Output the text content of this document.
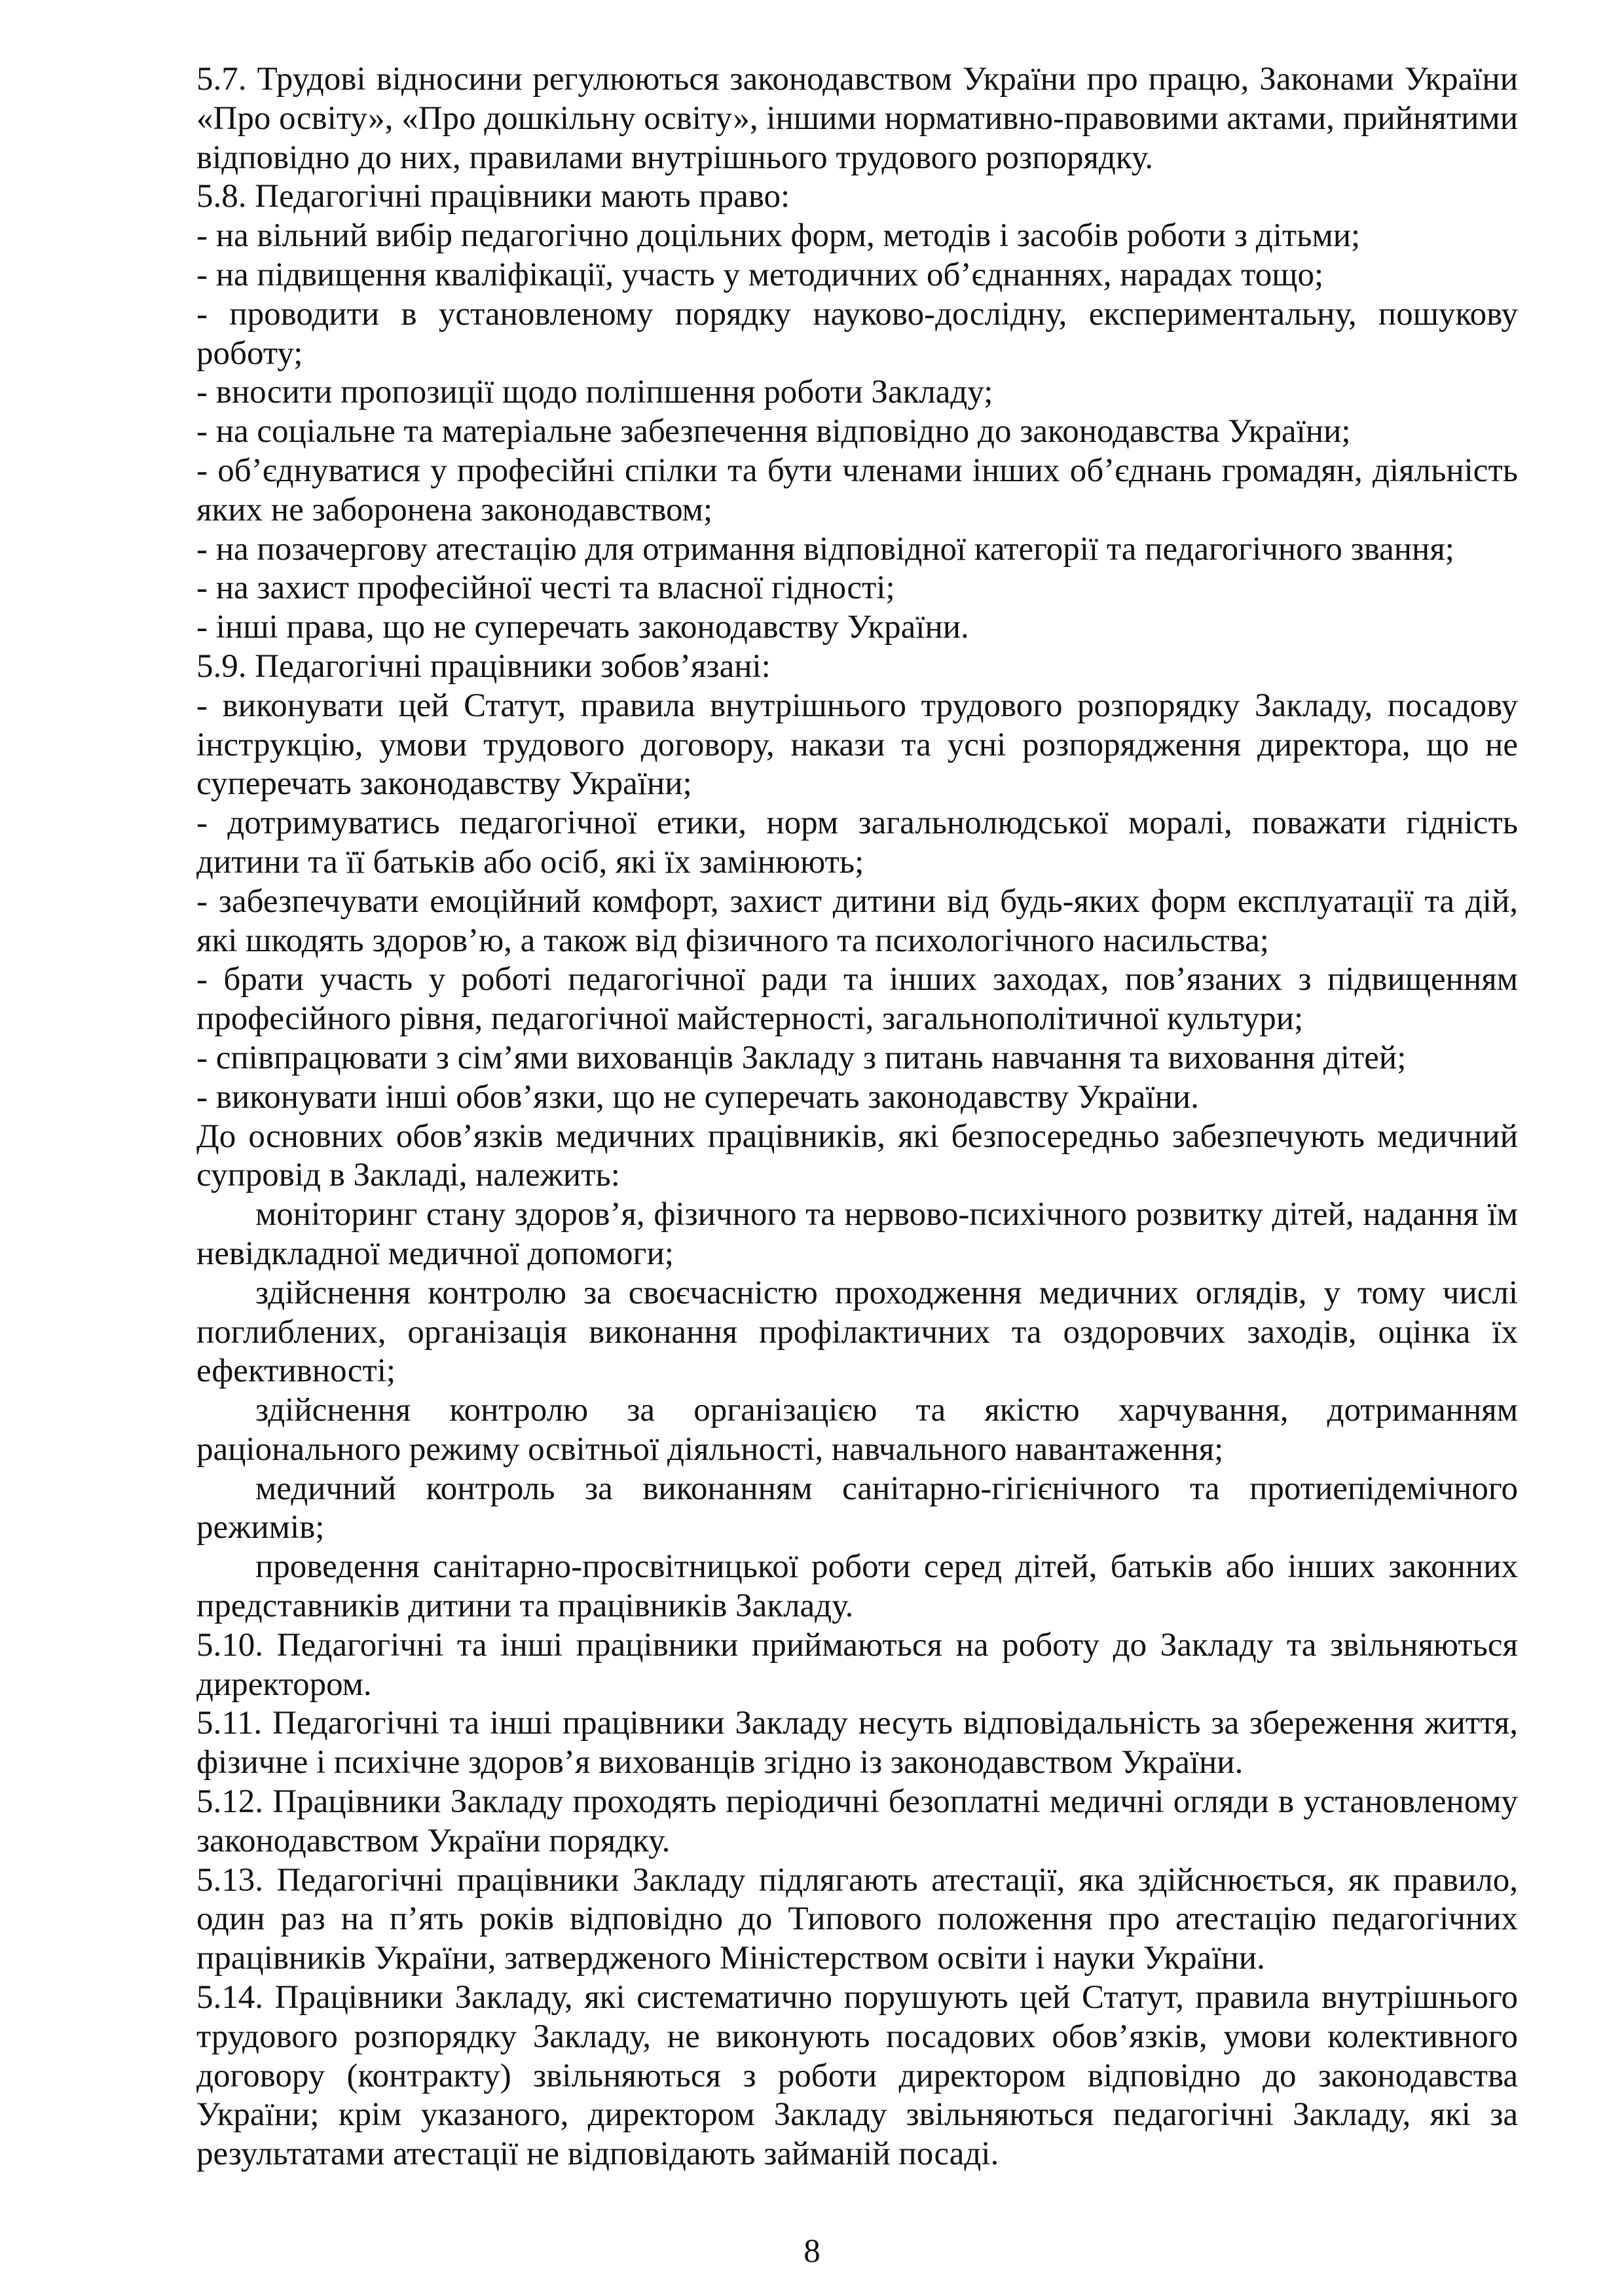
5.7. Трудові відносини регулюються законодавством України про працю, Законами України «Про освіту», «Про дошкільну освіту», іншими нормативно-правовими актами, прийнятими відповідно до них, правилами внутрішнього трудового розпорядку.

5.8. Педагогічні працівники мають право:

- на вільний вибір педагогічно доцільних форм, методів і засобів роботи з дітьми;

- на підвищення кваліфікації, участь у методичних об’єднаннях, нарадах тощо;

- проводити в установленому порядку науково-дослідну, експериментальну, пошукову роботу;

- вносити пропозиції щодо поліпшення роботи Закладу;

- на соціальне та матеріальне забезпечення відповідно до законодавства України;

- об’єднуватися у професійні спілки та бути членами інших об’єднань громадян, діяльність яких не заборонена законодавством;

- на позачергову атестацію для отримання відповідної категорії та педагогічного звання;

- на захист професійної честі та власної гідності;

- інші права, що не суперечать законодавству України.

5.9. Педагогічні працівники зобов’язані:

- виконувати цей Статут, правила внутрішнього трудового розпорядку Закладу, посадову інструкцію, умови трудового договору, накази та усні розпорядження директора, що не суперечать законодавству України;

- дотримуватись педагогічної етики, норм загальнолюдської моралі, поважати гідність дитини та її батьків або осіб, які їх замінюють;

- забезпечувати емоційний комфорт, захист дитини від будь-яких форм експлуатації та дій, які шкодять здоров’ю, а також від фізичного та психологічного насильства;

- брати участь у роботі педагогічної ради та інших заходах, пов’язаних з підвищенням професійного рівня, педагогічної майстерності, загальнополітичної культури;

- співпрацювати з сім’ями вихованців Закладу з питань навчання та виховання дітей;

- виконувати інші обов’язки, що не суперечать законодавству України.

До основних обов’язків медичних працівників, які безпосередньо забезпечують медичний супровід в Закладі, належить:

моніторинг стану здоров’я, фізичного та нервово-психічного розвитку дітей, надання їм невідкладної медичної допомоги;

здійснення контролю за своєчасністю проходження медичних оглядів, у тому числі поглиблених, організація виконання профілактичних та оздоровчих заходів, оцінка їх ефективності;

здійснення контролю за організацією та якістю харчування, дотриманням раціонального режиму освітньої діяльності, навчального навантаження;

медичний контроль за виконанням санітарно-гігієнічного та протиепідемічного режимів;

проведення санітарно-просвітницької роботи серед дітей, батьків або інших законних представників дитини та працівників Закладу.

5.10. Педагогічні та інші працівники приймаються на роботу до Закладу та звільняються директором.

5.11. Педагогічні та інші працівники Закладу несуть відповідальність за збереження життя, фізичне і психічне здоров’я вихованців згідно із законодавством України.

5.12. Працівники Закладу проходять періодичні безоплатні медичні огляди в установленому законодавством України порядку.

5.13. Педагогічні працівники Закладу підлягають атестації, яка здійснюється, як правило, один раз на п’ять років відповідно до Типового положення про атестацію педагогічних працівників України, затвердженого Міністерством освіти і науки України.

5.14. Працівники Закладу, які систематично порушують цей Статут, правила внутрішнього трудового розпорядку Закладу, не виконують посадових обов’язків, умови колективного договору (контракту) звільняються з роботи директором відповідно до законодавства України; крім указаного, директором Закладу звільняються педагогічні Закладу, які за результатами атестації не відповідають займаній посаді.

8
